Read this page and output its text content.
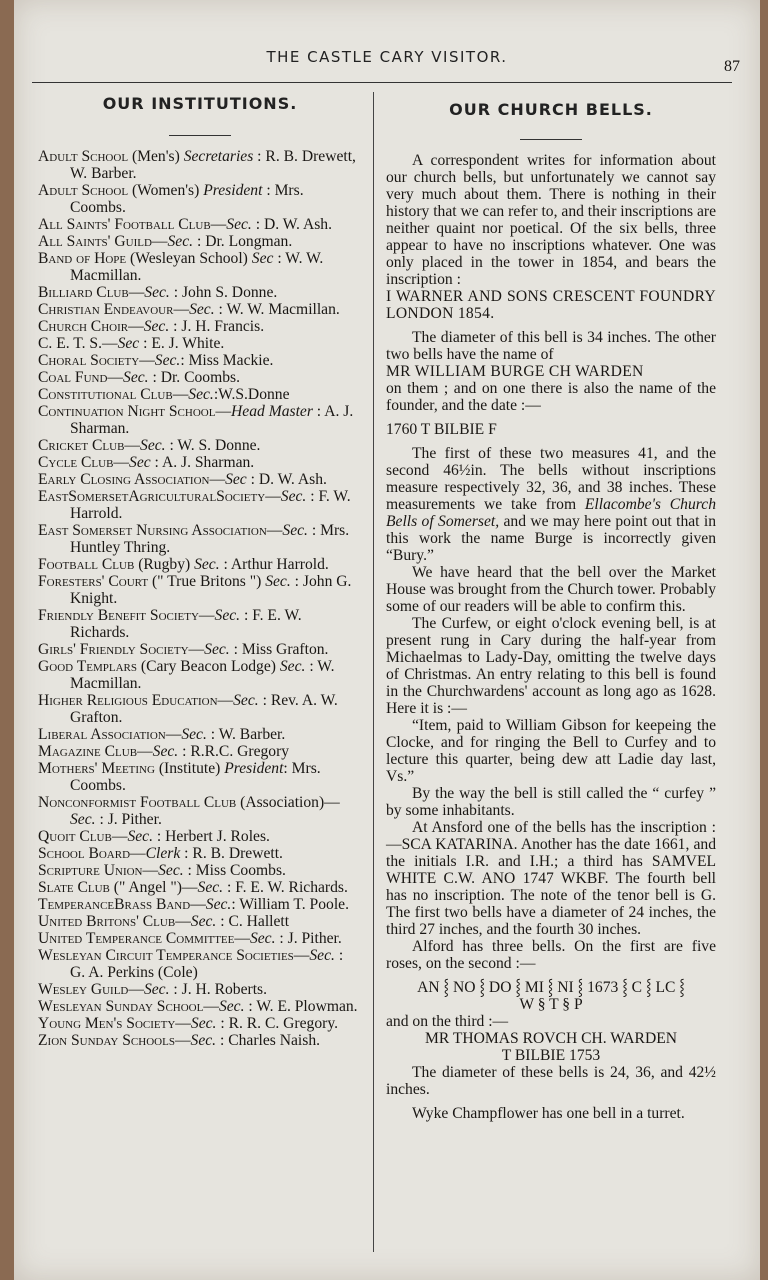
THE CASTLE CARY VISITOR.
87
OUR INSTITUTIONS.
Adult School (Men's) Secretaries : R. B. Drewett, W. Barber.
Adult School (Women's) President : Mrs. Coombs.
All Saints' Football Club—Sec. : D. W. Ash.
All Saints' Guild—Sec. : Dr. Longman.
Band of Hope (Wesleyan School) Sec : W. W. Macmillan.
Billiard Club—Sec. : John S. Donne.
Christian Endeavour—Sec. : W. W. Macmillan.
Church Choir—Sec. : J. H. Francis.
C. E. T. S.—Sec : E. J. White.
Choral Society—Sec.: Miss Mackie.
Coal Fund—Sec. : Dr. Coombs.
Constitutional Club—Sec.:W.S.Donne
Continuation Night School—Head Master : A. J. Sharman.
Cricket Club—Sec. : W. S. Donne.
Cycle Club—Sec : A. J. Sharman.
Early Closing Association—Sec : D. W. Ash.
EastSomersetAgriculturalSociety—Sec. : F. W. Harrold.
East Somerset Nursing Association—Sec. : Mrs. Huntley Thring.
Football Club (Rugby) Sec. : Arthur Harrold.
Foresters' Court (" True Britons ") Sec. : John G. Knight.
Friendly Benefit Society—Sec. : F. E. W. Richards.
Girls' Friendly Society—Sec. : Miss Grafton.
Good Templars (Cary Beacon Lodge) Sec. : W. Macmillan.
Higher Religious Education—Sec. : Rev. A. W. Grafton.
Liberal Association—Sec. : W. Barber.
Magazine Club—Sec. : R.R.C. Gregory
Mothers' Meeting (Institute) President: Mrs. Coombs.
Nonconformist Football Club (Association)—Sec. : J. Pither.
Quoit Club—Sec. : Herbert J. Roles.
School Board—Clerk : R. B. Drewett.
Scripture Union—Sec. : Miss Coombs.
Slate Club (" Angel ")—Sec. : F. E. W. Richards.
TemperanceBrass Band—Sec.: William T. Poole.
United Britons' Club—Sec. : C. Hallett
United Temperance Committee—Sec. : J. Pither.
Wesleyan Circuit Temperance Societies—Sec. : G. A. Perkins (Cole)
Wesley Guild—Sec. : J. H. Roberts.
Wesleyan Sunday School—Sec. : W. E. Plowman.
Young Men's Society—Sec. : R. R. C. Gregory.
Zion Sunday Schools—Sec. : Charles Naish.
OUR CHURCH BELLS.

A correspondent writes for information about our church bells, but unfortunately we cannot say very much about them. There is nothing in their history that we can refer to, and their inscriptions are neither quaint nor poetical. Of the six bells, three appear to have no inscriptions whatever. One was only placed in the tower in 1854, and bears the inscription :

I WARNER AND SONS CRESCENT FOUNDRY LONDON 1854.

The diameter of this bell is 34 inches. The other two bells have the name of

MR WILLIAM BURGE CH WARDEN

on them ; and on one there is also the name of the founder, and the date :—

1760 T BILBIE F

The first of these two measures 41, and the second 46½in. The bells without inscriptions measure respectively 32, 36, and 38 inches. These measurements we take from Ellacombe's Church Bells of Somerset, and we may here point out that in this work the name Burge is incorrectly given “Bury.”

We have heard that the bell over the Market House was brought from the Church tower. Probably some of our readers will be able to confirm this.

The Curfew, or eight o'clock evening bell, is at present rung in Cary during the half-year from Michaelmas to Lady-Day, omitting the twelve days of Christmas. An entry relating to this bell is found in the Churchwardens' account as long ago as 1628. Here it is :—

“Item, paid to William Gibson for keepeing the Clocke, and for ringing the Bell to Curfey and to lecture this quarter, being dew att Ladie day last, Vs.”

By the way the bell is still called the “ curfey ” by some inhabitants.

At Ansford one of the bells has the inscription :—SCA KATARINA. Another has the date 1661, and the initials I.R. and I.H.; a third has SAMVEL WHITE C.W. ANO 1747 WKBF. The fourth bell has no inscription. The note of the tenor bell is G. The first two bells have a diameter of 24 inches, the third 27 inches, and the fourth 30 inches.

Alford has three bells. On the first are five roses, on the second :—

AN ⸾ NO ⸾ DO ⸾ MI ⸾ NI ⸾ 1673 ⸾ C ⸾ LC ⸾

W § T § P

and on the third :—

MR THOMAS ROVCH CH. WARDEN

T BILBIE 1753

The diameter of these bells is 24, 36, and 42½ inches.

Wyke Champflower has one bell in a turret.
